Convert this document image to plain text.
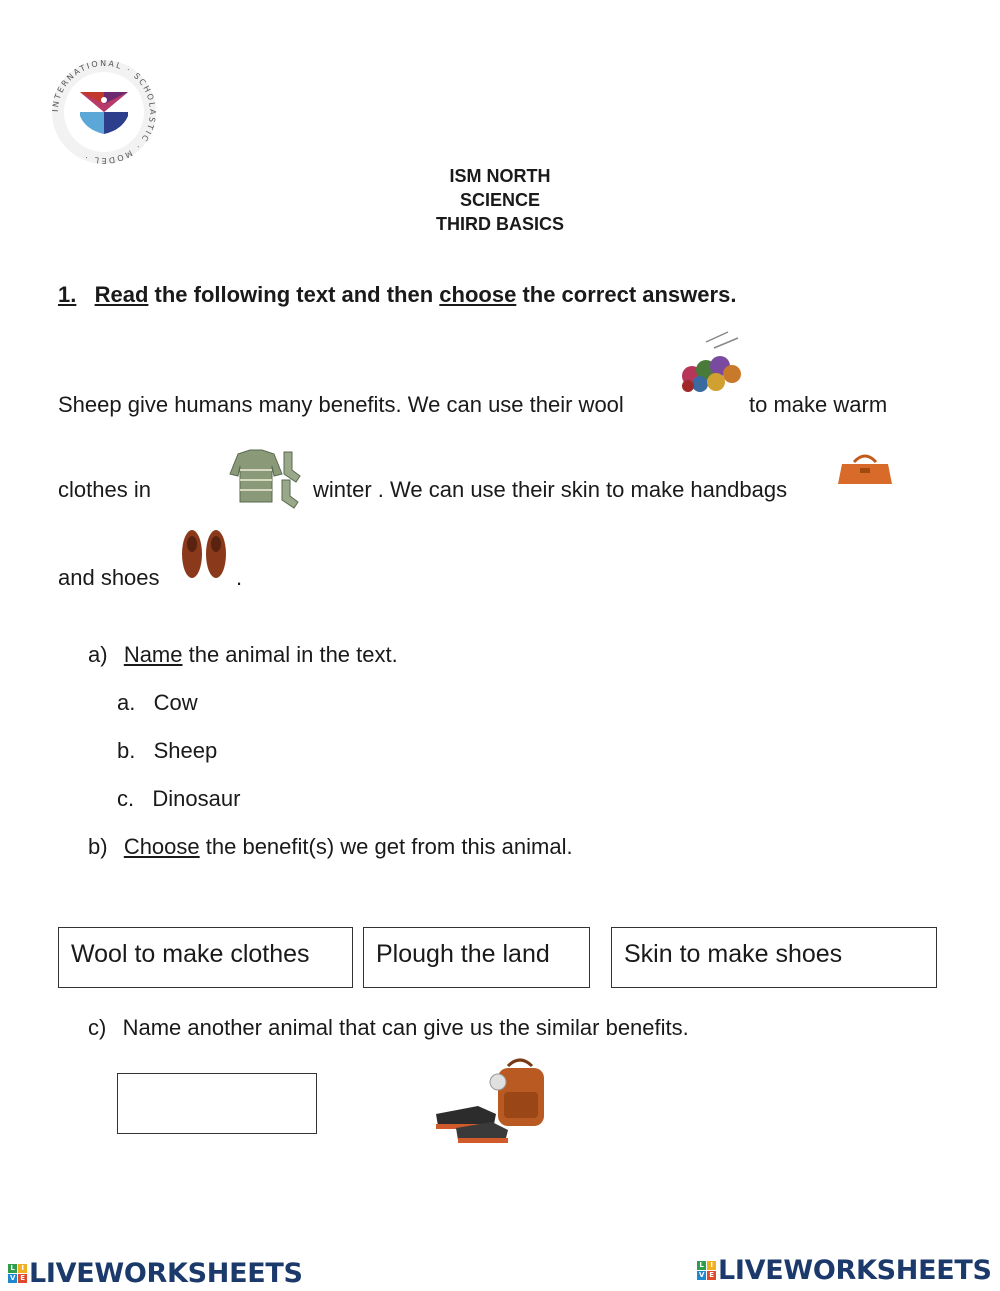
INTERNATIONAL · SCHOLASTIC · MODEL ·
ISM NORTH
SCIENCE
THIRD BASICS
1. Read the following text and then choose the correct answers.
Sheep give humans many benefits. We can use their wool	to make warm
clothes in	winter . We can use their skin to make handbags
and shoes	.
a) Name the animal in the text.
a. Cow
b. Sheep
c. Dinosaur
b) Choose the benefit(s) we get from this animal.
Wool to make clothes	Plough the land	Skin to make shoes
c) Name another animal that can give us the similar benefits.
L I
V E LIVEWORKSHEETS	L I
V E LIVEWORKSHEETS
